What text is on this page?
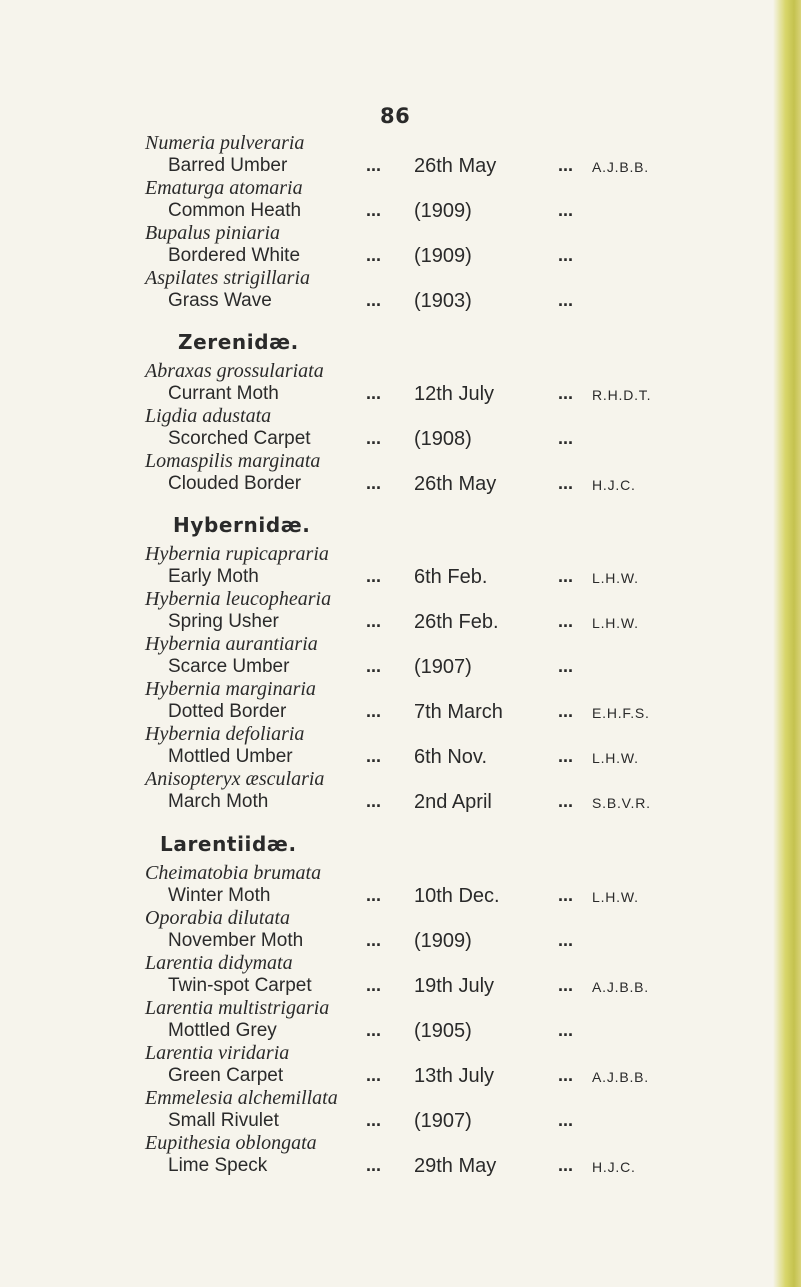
86
Numeria pulveraria
Barred Umber	... 26th May	... A.J.B.B.
Ematurga atomaria
Common Heath	... (1909)	...
Bupalus piniaria
Bordered White	... (1909)	...
Aspilates strigillaria
Grass Wave	... (1903)	...
Zerenidæ.
Abraxas grossulariata
Currant Moth	... 12th July	... R.H.D.T.
Ligdia adustata
Scorched Carpet	... (1908)	...
Lomaspilis marginata
Clouded Border	... 26th May	... H.J.C.
Hybernidæ.
Hybernia rupicapraria
Early Moth	... 6th Feb.	... L.H.W.
Hybernia leucophearia
Spring Usher	... 26th Feb.	... L.H.W.
Hybernia aurantiaria
Scarce Umber	... (1907)	...
Hybernia marginaria
Dotted Border	... 7th March	... E.H.F.S.
Hybernia defoliaria
Mottled Umber	... 6th Nov.	... L.H.W.
Anisopteryx æscularia
March Moth	... 2nd April	... S.B.V.R.
Larentiidæ.
Cheimatobia brumata
Winter Moth	... 10th Dec.	... L.H.W.
Oporabia dilutata
November Moth	... (1909)	...
Larentia didymata
Twin-spot Carpet	... 19th July	... A.J.B.B.
Larentia multistrigaria
Mottled Grey	... (1905)	...
Larentia viridaria
Green Carpet	... 13th July	... A.J.B.B.
Emmelesia alchemillata
Small Rivulet	... (1907)	...
Eupithesia oblongata
Lime Speck	... 29th May	... H.J.C.
